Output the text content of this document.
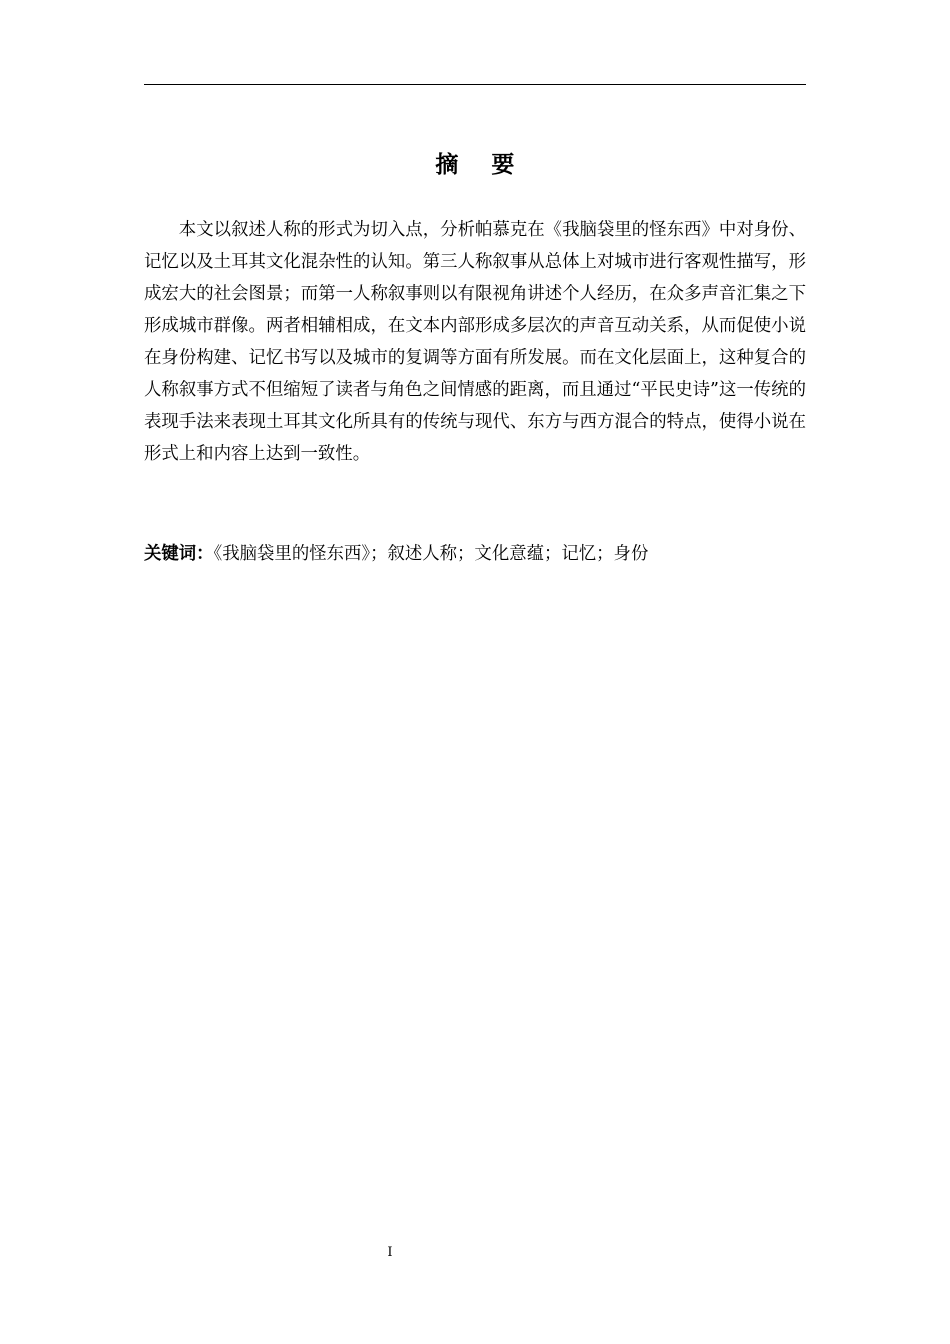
摘    要

本文以叙述人称的形式为切入点，分析帕慕克在《我脑袋里的怪东西》中对身份、记忆以及土耳其文化混杂性的认知。第三人称叙事从总体上对城市进行客观性描写，形成宏大的社会图景；而第一人称叙事则以有限视角讲述个人经历，在众多声音汇集之下形成城市群像。两者相辅相成，在文本内部形成多层次的声音互动关系，从而促使小说在身份构建、记忆书写以及城市的复调等方面有所发展。而在文化层面上，这种复合的人称叙事方式不但缩短了读者与角色之间情感的距离，而且通过“平民史诗”这一传统的表现手法来表现土耳其文化所具有的传统与现代、东方与西方混合的特点，使得小说在形式上和内容上达到一致性。

关键词：《我脑袋里的怪东西》；叙述人称；文化意蕴；记忆；身份
I
